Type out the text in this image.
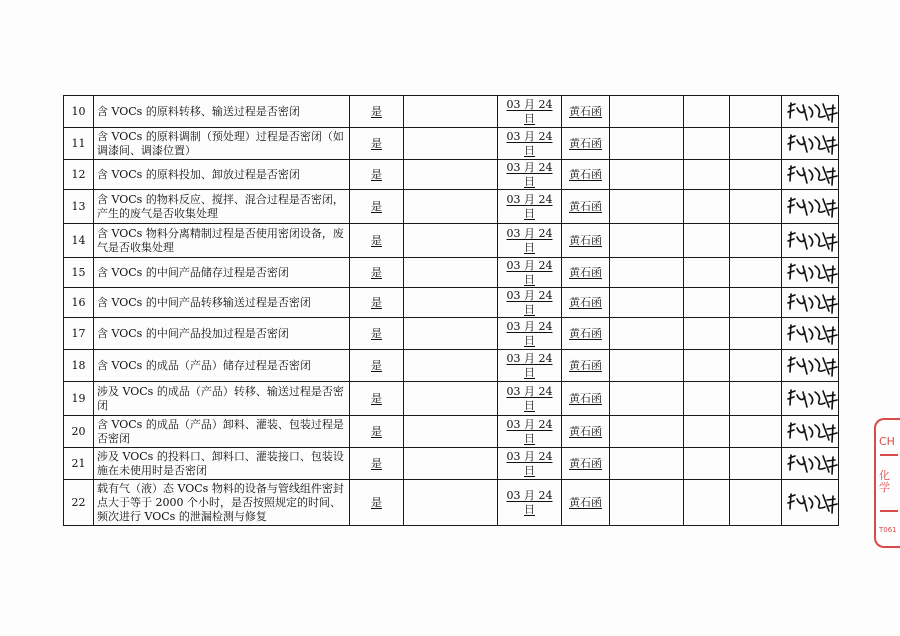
10	含 VOCs 的原料转移、输送过程是否密闭	是		03 月 24 日	黄石函				

11	含 VOCs 的原料调制（预处理）过程是否密闭（如调漆间、调漆位置）	是		03 月 24 日	黄石函				

12	含 VOCs 的原料投加、卸放过程是否密闭	是		03 月 24 日	黄石函				

13	含 VOCs 的物料反应、搅拌、混合过程是否密闭，产生的废气是否收集处理	是		03 月 24 日	黄石函				

14	含 VOCs 物料分离精制过程是否使用密闭设备，废气是否收集处理	是		03 月 24 日	黄石函				

15	含 VOCs 的中间产品储存过程是否密闭	是		03 月 24 日	黄石函				

16	含 VOCs 的中间产品转移输送过程是否密闭	是		03 月 24 日	黄石函				

17	含 VOCs 的中间产品投加过程是否密闭	是		03 月 24 日	黄石函				

18	含 VOCs 的成品（产品）储存过程是否密闭	是		03 月 24 日	黄石函				

19	涉及 VOCs 的成品（产品）转移、输送过程是否密闭	是		03 月 24 日	黄石函				

20	含 VOCs 的成品（产品）卸料、灌装、包装过程是否密闭	是		03 月 24 日	黄石函				

21	涉及 VOCs 的投料口、卸料口、灌装接口、包装设施在未使用时是否密闭	是		03 月 24 日	黄石函				

22	载有气（液）态 VOCs 物料的设备与管线组件密封点大于等于 2000 个小时，是否按照规定的时间、频次进行 VOCs 的泄漏检测与修复	是		03 月 24 日	黄石函				
CH
化学
T061
